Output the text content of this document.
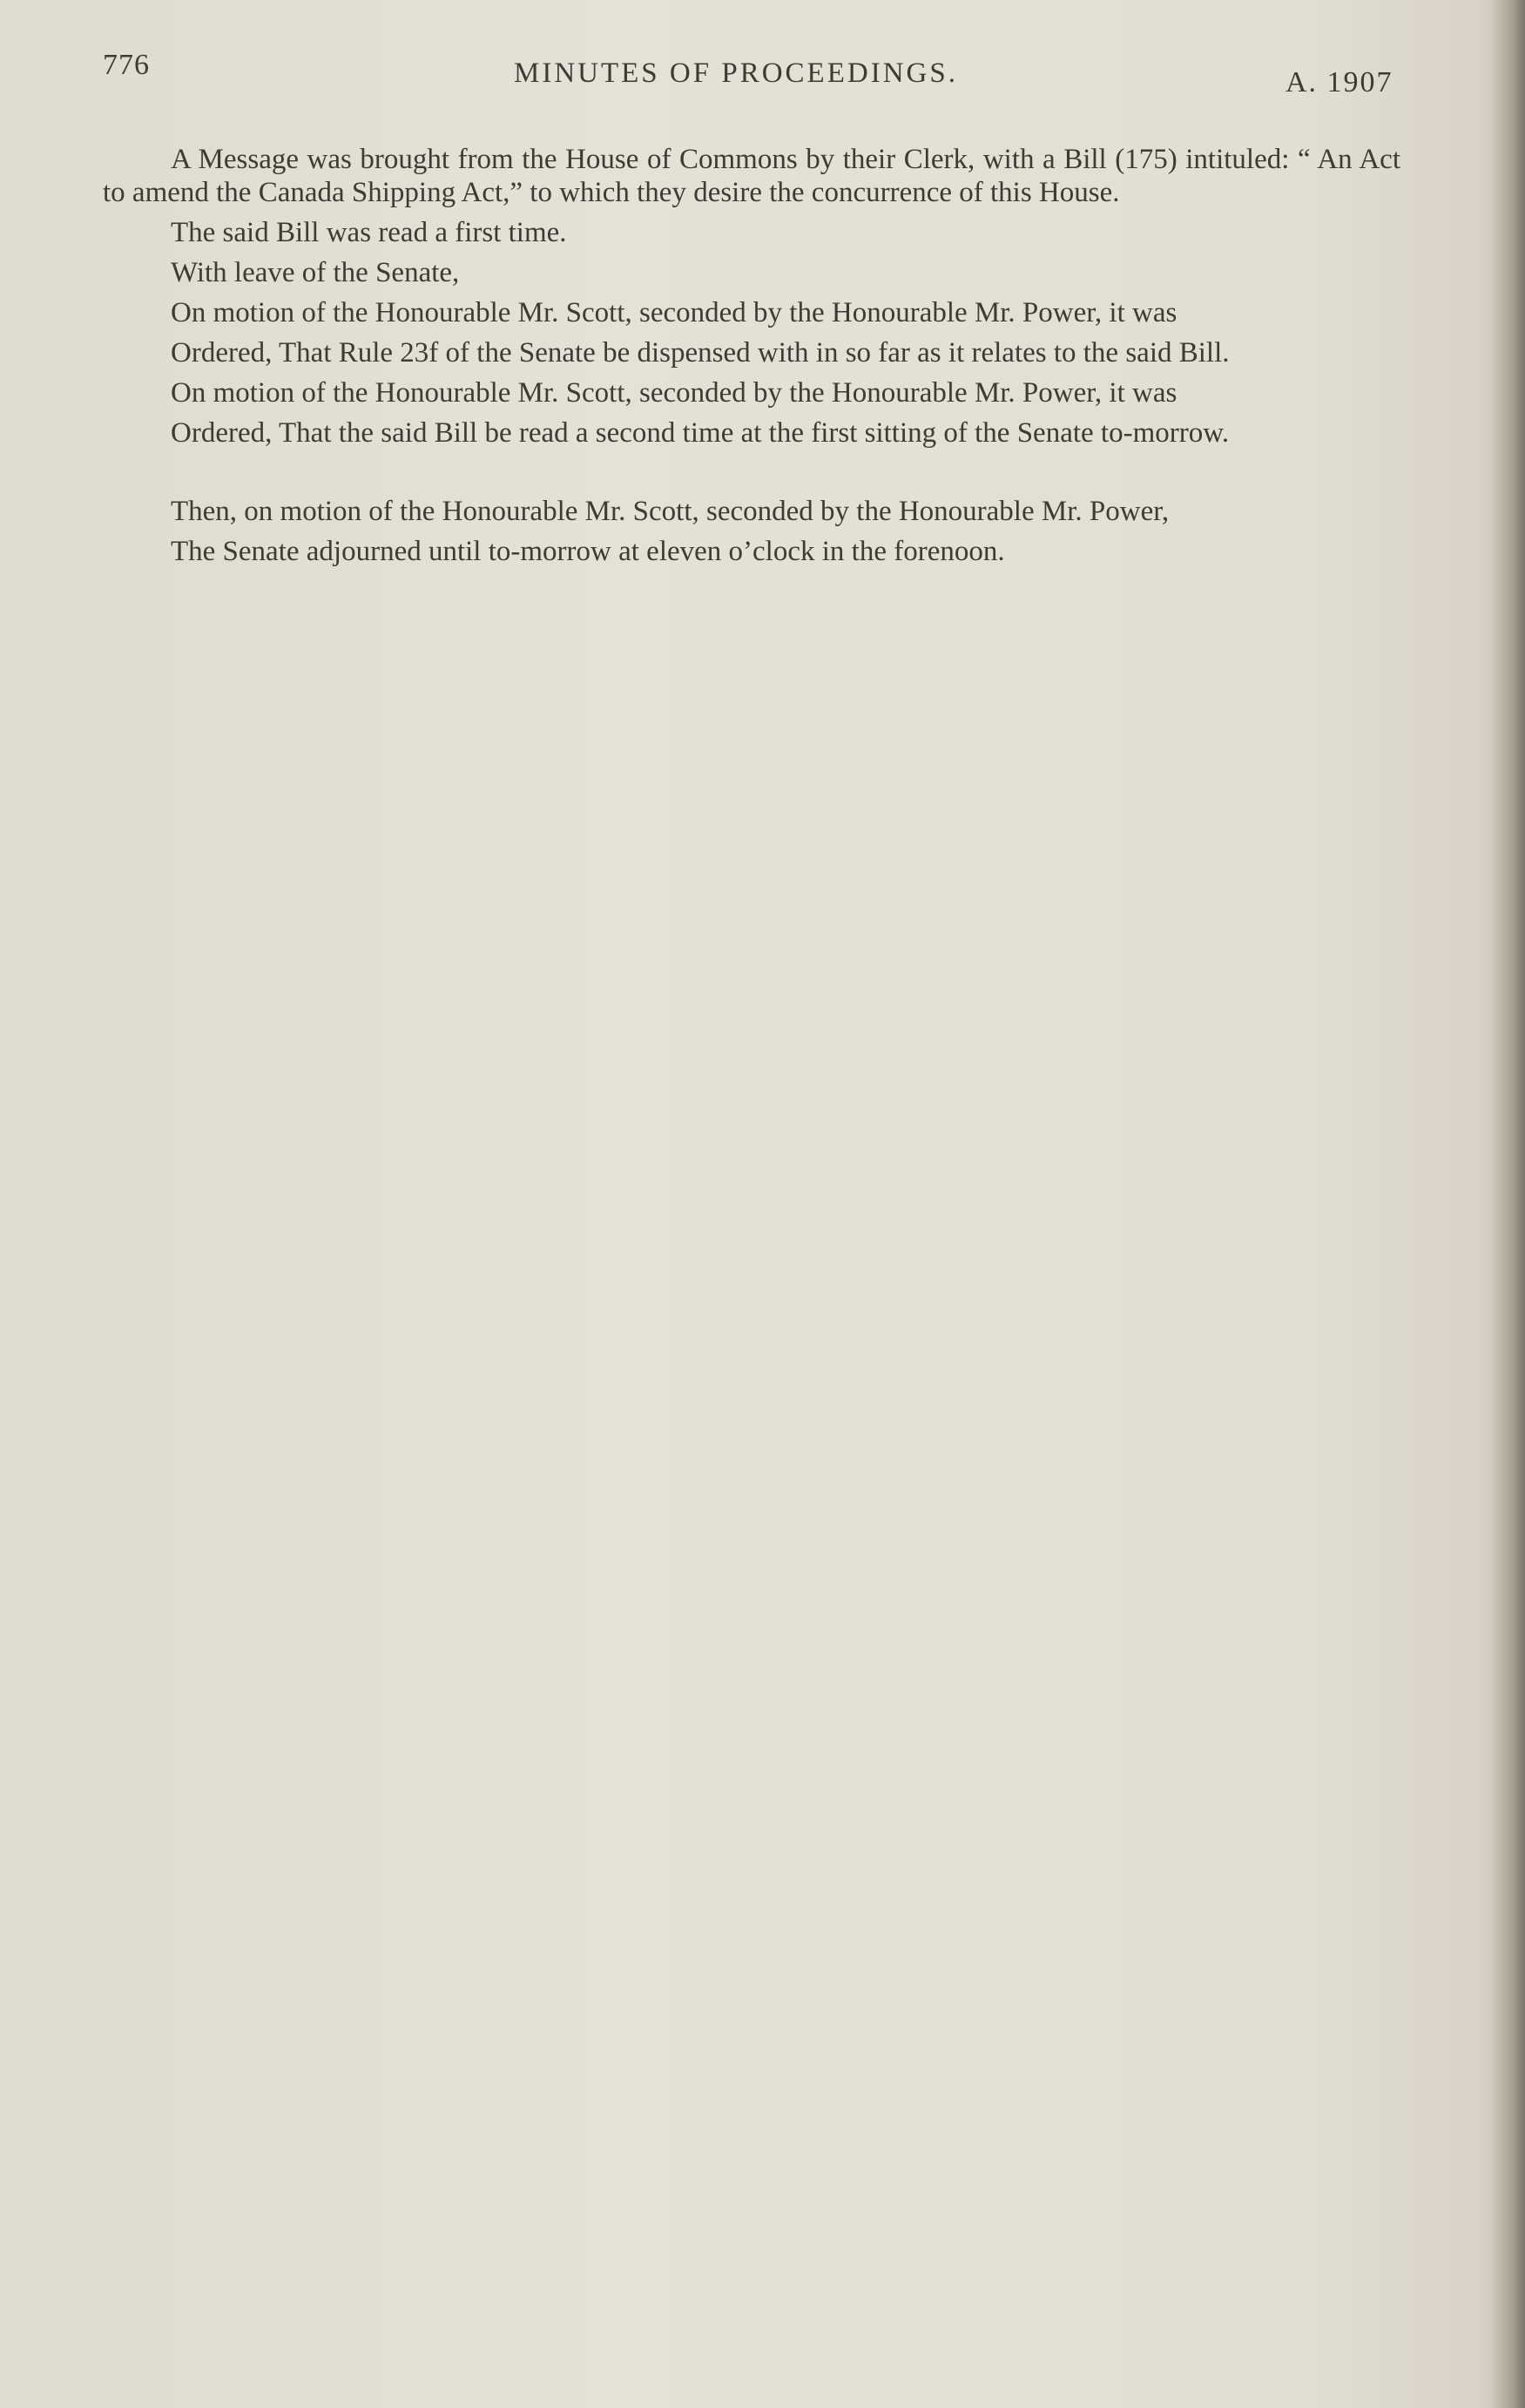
776	MINUTES OF PROCEEDINGS.	A. 1907

A Message was brought from the House of Commons by their Clerk, with a Bill (175) intituled: “ An Act to amend the Canada Shipping Act,” to which they desire the concurrence of this House.

The said Bill was read a first time.

With leave of the Senate,

On motion of the Honourable Mr. Scott, seconded by the Honourable Mr. Power, it was

Ordered, That Rule 23f of the Senate be dispensed with in so far as it relates to the said Bill.

On motion of the Honourable Mr. Scott, seconded by the Honourable Mr. Power, it was

Ordered, That the said Bill be read a second time at the first sitting of the Senate to-morrow.

Then, on motion of the Honourable Mr. Scott, seconded by the Honourable Mr. Power,

The Senate adjourned until to-morrow at eleven o’clock in the forenoon.
